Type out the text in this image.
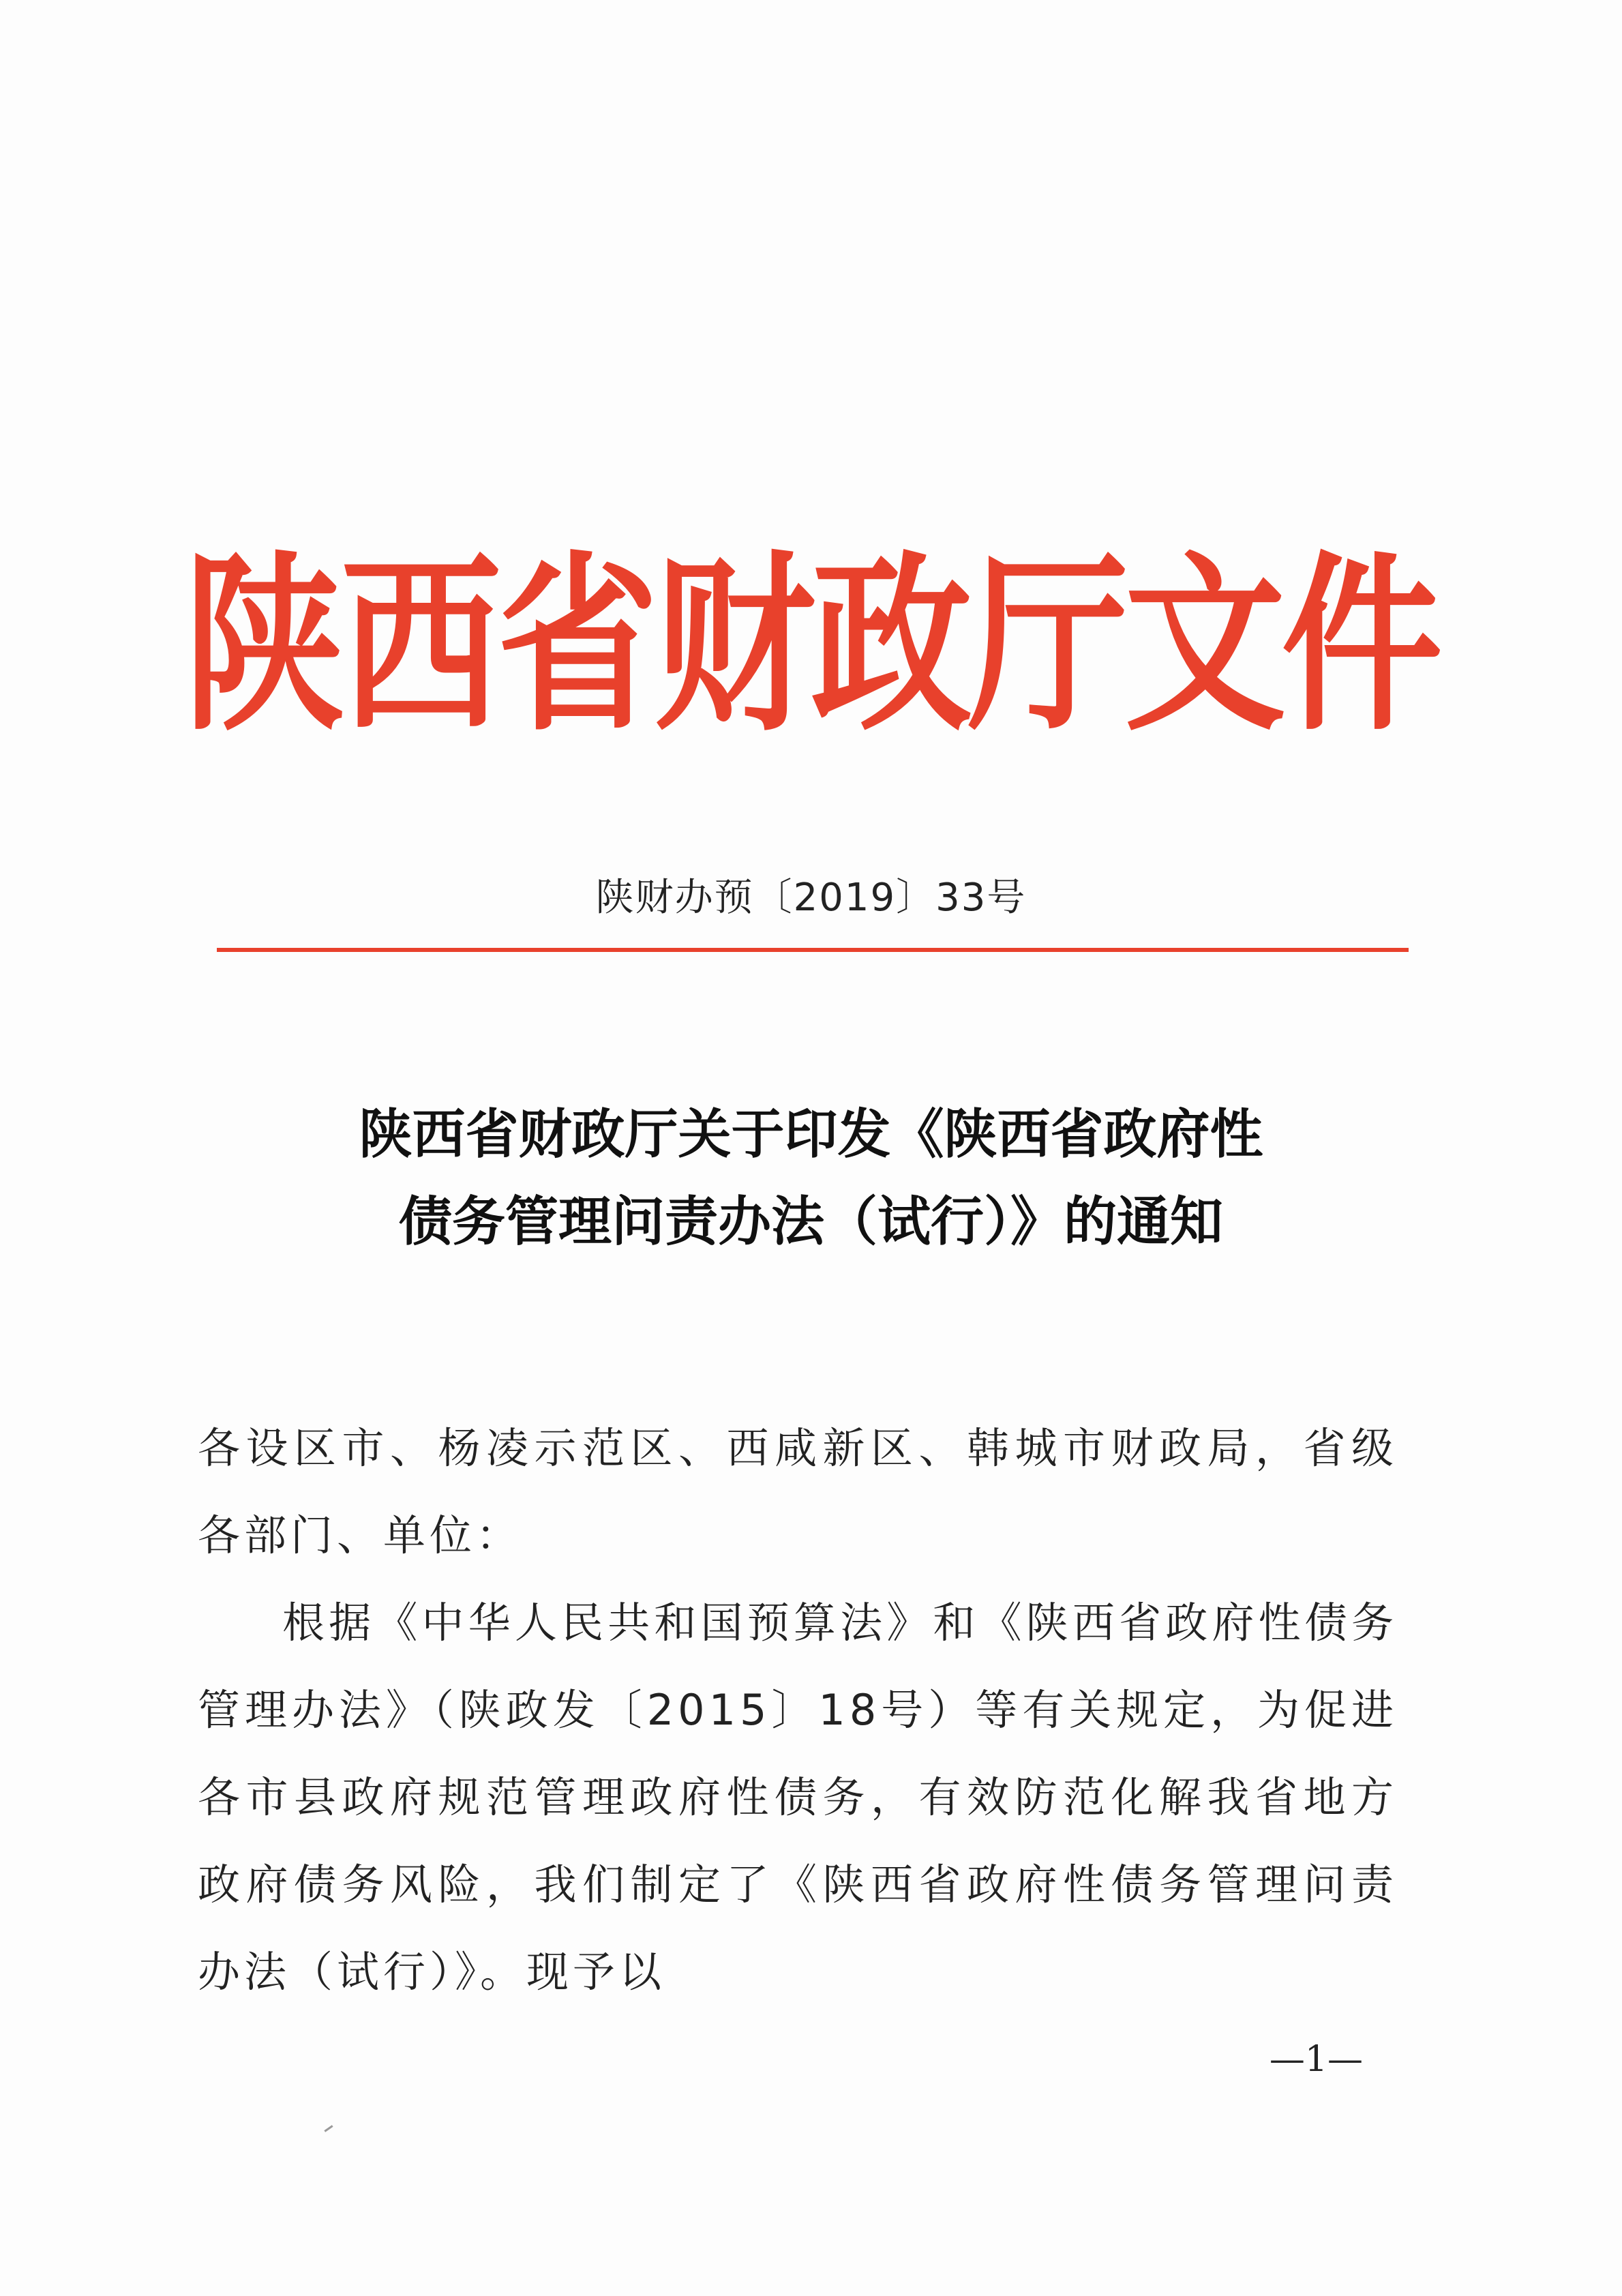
陕西省财政厅文件
陕财办预〔2019〕33号
陕西省财政厅关于印发《陕西省政府性
债务管理问责办法（试行）》的通知

各设区市、杨凌示范区、西咸新区、韩城市财政局，省级各部门、单位：

根据《中华人民共和国预算法》和《陕西省政府性债务管理办法》（陕政发〔2015〕18号）等有关规定，为促进各市县政府规范管理政府性债务，有效防范化解我省地方政府债务风险，我们制定了《陕西省政府性债务管理问责办法（试行）》。现予以

—1—
